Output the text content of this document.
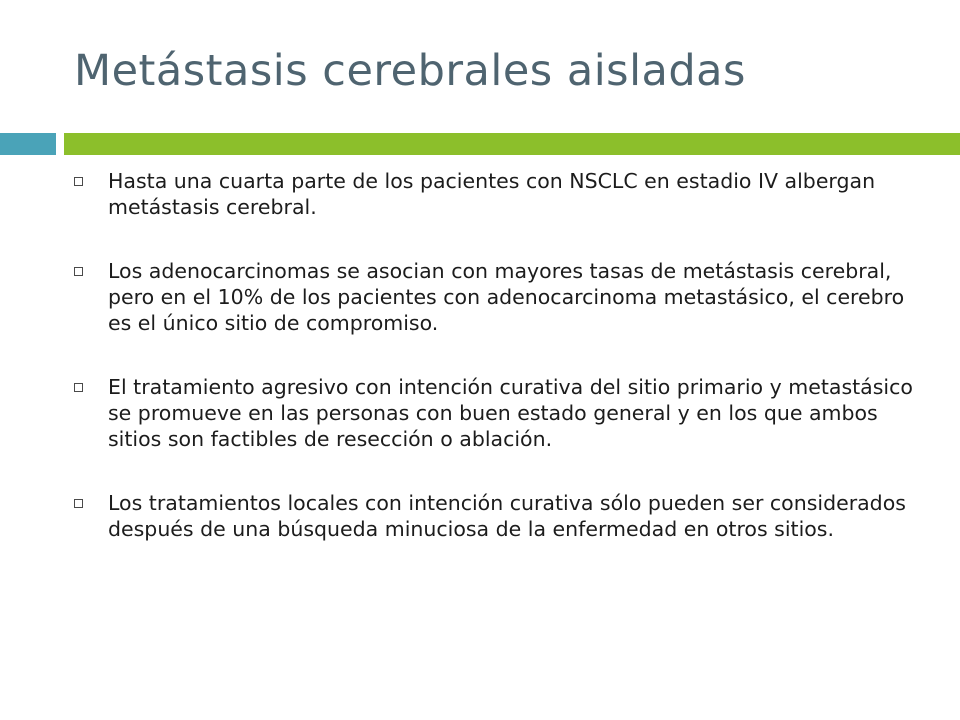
Metástasis cerebrales aisladas
Hasta una cuarta parte de los pacientes con NSCLC en estadio IV albergan metástasis cerebral.
Los adenocarcinomas se asocian con mayores tasas de metástasis cerebral, pero en el 10% de los pacientes con adenocarcinoma metastásico, el cerebro es el único sitio de compromiso.
El tratamiento agresivo con intención curativa del sitio primario y metastásico se promueve en las personas con buen estado general y en los que ambos sitios son factibles de resección o ablación.
Los tratamientos locales con intención curativa sólo pueden ser considerados después de una búsqueda minuciosa de la enfermedad en otros sitios.
